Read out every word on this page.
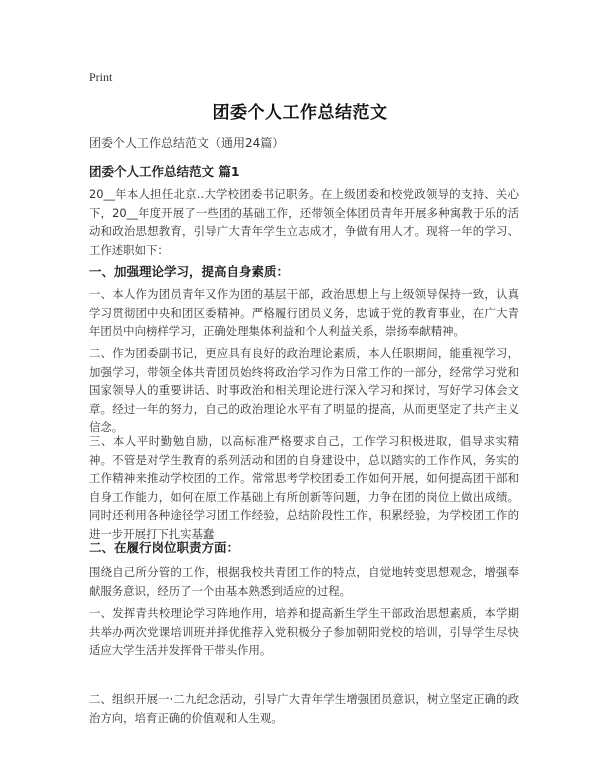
Print
团委个人工作总结范文
团委个人工作总结范文（通用24篇）
团委个人工作总结范文 篇1
20__年本人担任北京..大学校团委书记职务。在上级团委和校党政领导的支持、关心下，20__年度开展了一些团的基础工作，还带领全体团员青年开展多种寓教于乐的活动和政治思想教育，引导广大青年学生立志成才，争做有用人才。现将一年的学习、工作述职如下：
一、加强理论学习，提高自身素质：
一、本人作为团员青年又作为团的基层干部，政治思想上与上级领导保持一致，认真学习贯彻团中央和团区委精神。严格履行团员义务，忠诚于党的教育事业，在广大青年团员中向榜样学习，正确处理集体利益和个人利益关系，崇扬奉献精神。
二、作为团委副书记，更应具有良好的政治理论素质，本人任职期间，能重视学习，加强学习，带领全体共青团员始终将政治学习作为日常工作的一部分，经常学习党和国家领导人的重要讲话、时事政治和相关理论进行深入学习和探讨，写好学习体会文章。经过一年的努力，自己的政治理论水平有了明显的提高，从而更坚定了共产主义信念。
三、本人平时勤勉自励，以高标准严格要求自己，工作学习积极进取，倡导求实精神。不管是对学生教育的系列活动和团的自身建设中，总以踏实的工作作风，务实的工作精神来推动学校团的工作。常常思考学校团委工作如何开展，如何提高团干部和自身工作能力，如何在原工作基础上有所创新等问题，力争在团的岗位上做出成绩。同时还利用各种途径学习团工作经验，总结阶段性工作，积累经验，为学校团工作的进一步开展打下扎实基蠢
二、在履行岗位职责方面：
围绕自己所分管的工作，根据我校共青团工作的特点，自觉地转变思想观念，增强奉献服务意识，经历了一个由基本熟悉到适应的过程。
一、发挥青共校理论学习阵地作用，培养和提高新生学生干部政治思想素质，本学期共举办两次党课培训班并择优推荐入党积极分子参加朝阳党校的培训，引导学生尽快适应大学生活并发挥骨干带头作用。
二、组织开展一·二九纪念活动，引导广大青年学生增强团员意识，树立坚定正确的政治方向，培育正确的价值观和人生观。
